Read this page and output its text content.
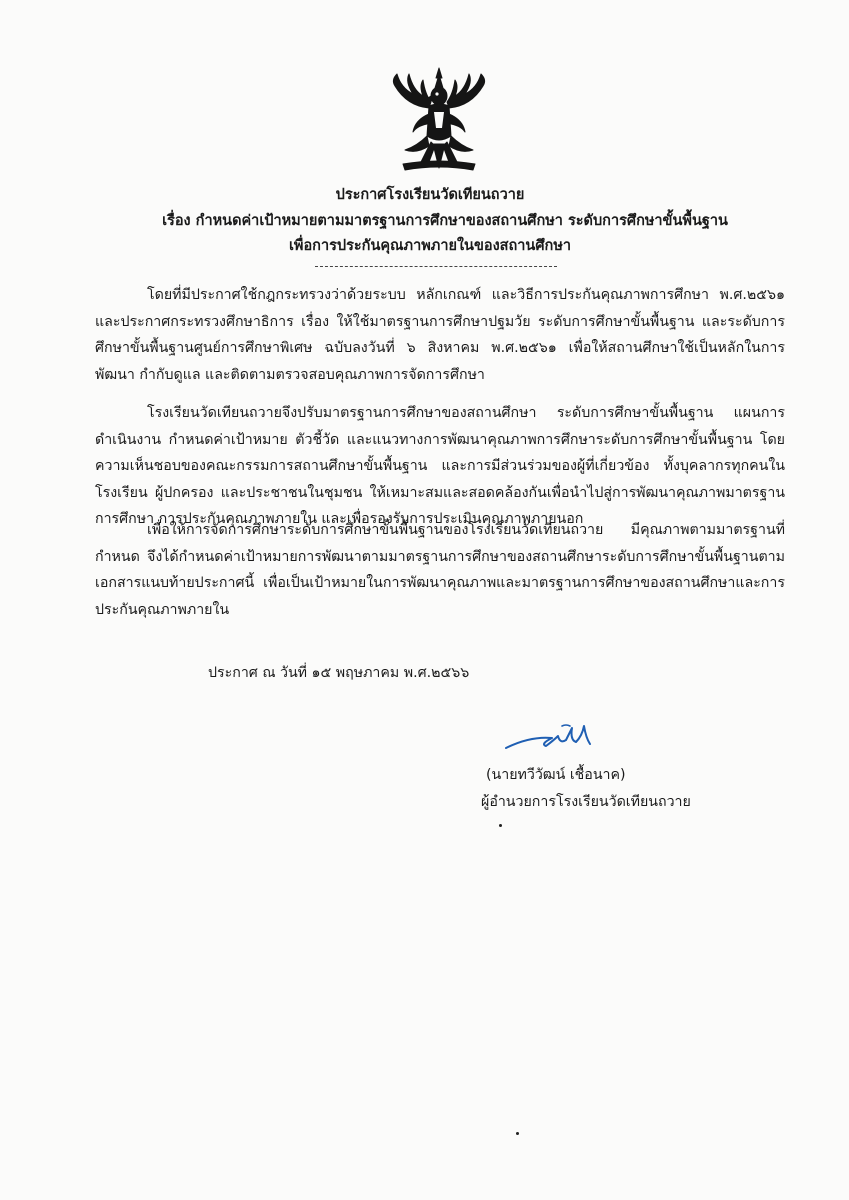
ประกาศโรงเรียนวัดเทียนถวาย
เรื่อง กำหนดค่าเป้าหมายตามมาตรฐานการศึกษาของสถานศึกษา ระดับการศึกษาขั้นพื้นฐาน
เพื่อการประกันคุณภาพภายในของสถานศึกษา
โดยที่มีประกาศใช้กฎกระทรวงว่าด้วยระบบ หลักเกณฑ์ และวิธีการประกันคุณภาพการศึกษา พ.ศ.๒๕๖๑ และประกาศกระทรวงศึกษาธิการ เรื่อง ให้ใช้มาตรฐานการศึกษาปฐมวัย ระดับการศึกษาขั้นพื้นฐาน และระดับการศึกษาขั้นพื้นฐานศูนย์การศึกษาพิเศษ ฉบับลงวันที่ ๖ สิงหาคม พ.ศ.๒๕๖๑ เพื่อให้สถานศึกษาใช้เป็นหลักในการพัฒนา กำกับดูแล และติดตามตรวจสอบคุณภาพการจัดการศึกษา
โรงเรียนวัดเทียนถวายจึงปรับมาตรฐานการศึกษาของสถานศึกษา ระดับการศึกษาขั้นพื้นฐาน แผนการดำเนินงาน กำหนดค่าเป้าหมาย ตัวชี้วัด และแนวทางการพัฒนาคุณภาพการศึกษาระดับการศึกษาขั้นพื้นฐาน โดยความเห็นชอบของคณะกรรมการสถานศึกษาขั้นพื้นฐาน และการมีส่วนร่วมของผู้ที่เกี่ยวข้อง ทั้งบุคลากรทุกคนในโรงเรียน ผู้ปกครอง และประชาชนในชุมชน ให้เหมาะสมและสอดคล้องกันเพื่อนำไปสู่การพัฒนาคุณภาพมาตรฐานการศึกษา การประกันคุณภาพภายใน และเพื่อรองรับการประเมินคุณภาพภายนอก
เพื่อให้การจัดการศึกษาระดับการศึกษาขั้นพื้นฐานของโรงเรียนวัดเทียนถวาย มีคุณภาพตามมาตรฐานที่กำหนด จึงได้กำหนดค่าเป้าหมายการพัฒนาตามมาตรฐานการศึกษาของสถานศึกษาระดับการศึกษาขั้นพื้นฐานตามเอกสารแนบท้ายประกาศนี้ เพื่อเป็นเป้าหมายในการพัฒนาคุณภาพและมาตรฐานการศึกษาของสถานศึกษาและการประกันคุณภาพภายใน
ประกาศ ณ วันที่ ๑๕ พฤษภาคม พ.ศ.๒๕๖๖
(นายทวีวัฒน์ เชื้อนาค)
ผู้อำนวยการโรงเรียนวัดเทียนถวาย
